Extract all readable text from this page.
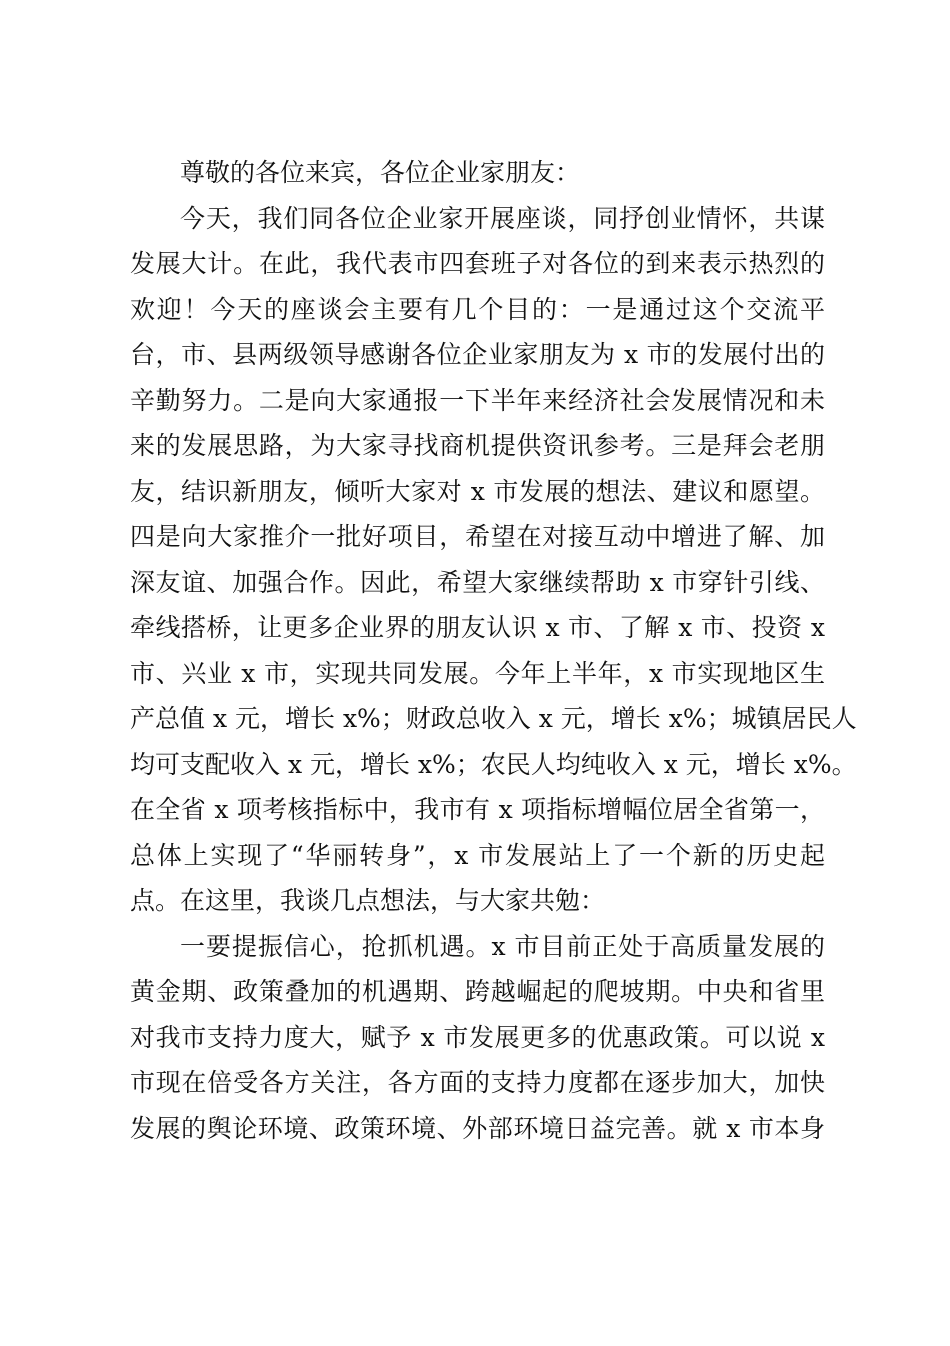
尊敬的各位来宾，各位企业家朋友：
今天，我们同各位企业家开展座谈，同抒创业情怀，共谋
发展大计。在此，我代表市四套班子对各位的到来表示热烈的
欢迎！今天的座谈会主要有几个目的：一是通过这个交流平
台，市、县两级领导感谢各位企业家朋友为 x 市的发展付出的
辛勤努力。二是向大家通报一下半年来经济社会发展情况和未
来的发展思路，为大家寻找商机提供资讯参考。三是拜会老朋
友，结识新朋友，倾听大家对 x 市发展的想法、建议和愿望。
四是向大家推介一批好项目，希望在对接互动中增进了解、加
深友谊、加强合作。因此，希望大家继续帮助 x 市穿针引线、
牵线搭桥，让更多企业界的朋友认识 x 市、了解 x 市、投资 x
市、兴业 x 市，实现共同发展。今年上半年，x 市实现地区生
产总值 x 元，增长 x%；财政总收入 x 元，增长 x%；城镇居民人
均可支配收入 x 元，增长 x%；农民人均纯收入 x 元，增长 x%。
在全省 x 项考核指标中，我市有 x 项指标增幅位居全省第一，
总体上实现了“华丽转身”，x 市发展站上了一个新的历史起
点。在这里，我谈几点想法，与大家共勉：
一要提振信心，抢抓机遇。x 市目前正处于高质量发展的
黄金期、政策叠加的机遇期、跨越崛起的爬坡期。中央和省里
对我市支持力度大，赋予 x 市发展更多的优惠政策。可以说 x
市现在倍受各方关注，各方面的支持力度都在逐步加大，加快
发展的舆论环境、政策环境、外部环境日益完善。就 x 市本身
